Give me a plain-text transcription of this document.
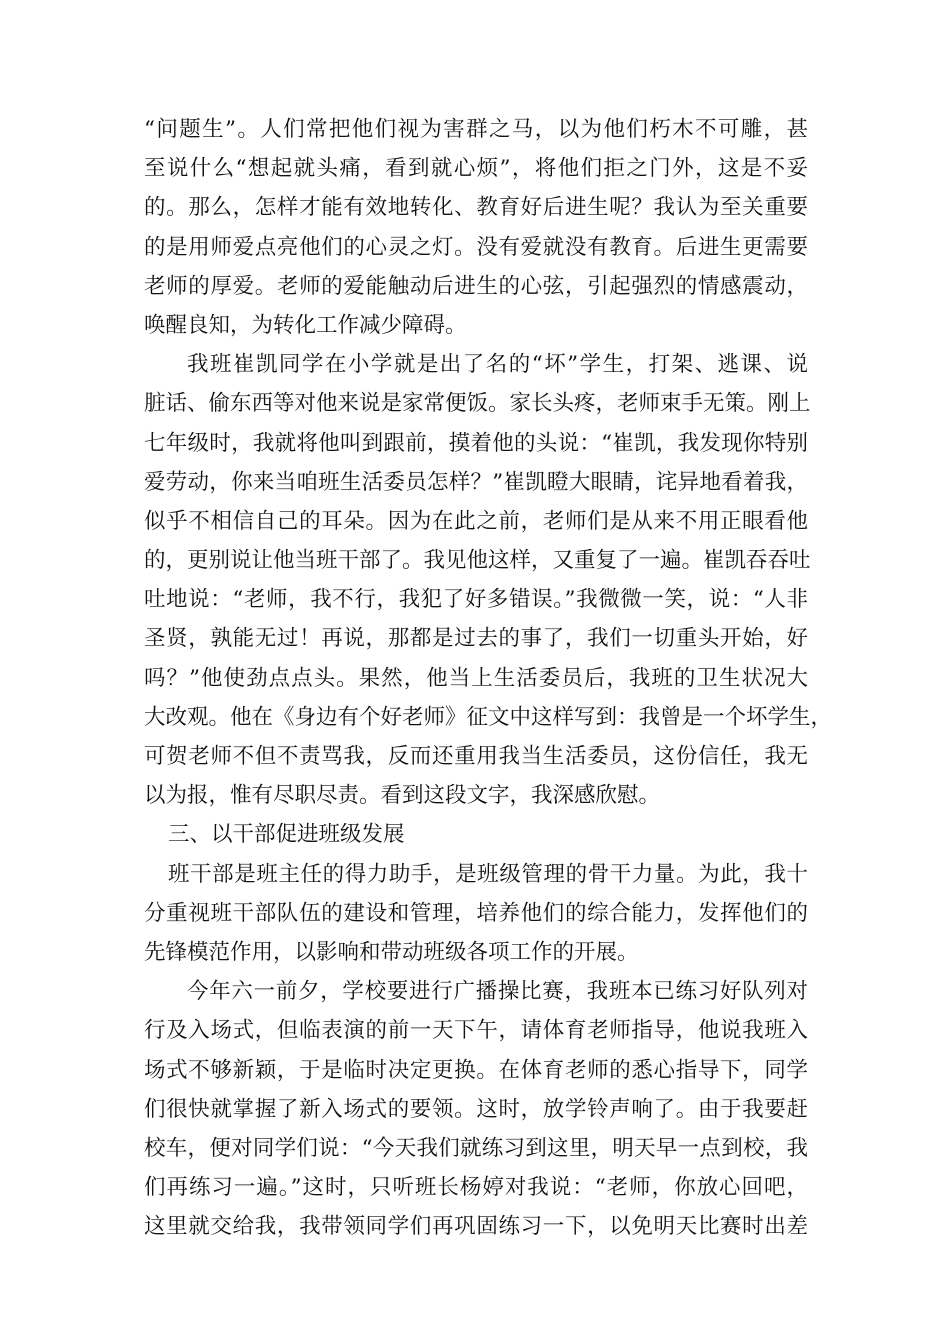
“问题生”。人们常把他们视为害群之马，以为他们朽木不可雕，甚
至说什么“想起就头痛，看到就心烦”，将他们拒之门外，这是不妥
的。那么，怎样才能有效地转化、教育好后进生呢？我认为至关重要
的是用师爱点亮他们的心灵之灯。没有爱就没有教育。后进生更需要
老师的厚爱。老师的爱能触动后进生的心弦，引起强烈的情感震动，
唤醒良知，为转化工作减少障碍。
我班崔凯同学在小学就是出了名的“坏”学生，打架、逃课、说
脏话、偷东西等对他来说是家常便饭。家长头疼，老师束手无策。刚上
七年级时，我就将他叫到跟前，摸着他的头说：“崔凯，我发现你特别
爱劳动，你来当咱班生活委员怎样？”崔凯瞪大眼睛，诧异地看着我，
似乎不相信自己的耳朵。因为在此之前，老师们是从来不用正眼看他
的，更别说让他当班干部了。我见他这样，又重复了一遍。崔凯吞吞吐
吐地说：“老师，我不行，我犯了好多错误。”我微微一笑，说：“人非
圣贤，孰能无过！再说，那都是过去的事了，我们一切重头开始，好
吗？”他使劲点点头。果然，他当上生活委员后，我班的卫生状况大
大改观。他在《身边有个好老师》征文中这样写到：我曾是一个坏学生，
可贺老师不但不责骂我，反而还重用我当生活委员，这份信任，我无
以为报，惟有尽职尽责。看到这段文字，我深感欣慰。
三、以干部促进班级发展
班干部是班主任的得力助手，是班级管理的骨干力量。为此，我十
分重视班干部队伍的建设和管理，培养他们的综合能力，发挥他们的
先锋模范作用，以影响和带动班级各项工作的开展。
今年六一前夕，学校要进行广播操比赛，我班本已练习好队列对
行及入场式，但临表演的前一天下午，请体育老师指导，他说我班入
场式不够新颖，于是临时决定更换。在体育老师的悉心指导下，同学
们很快就掌握了新入场式的要领。这时，放学铃声响了。由于我要赶
校车，便对同学们说：“今天我们就练习到这里，明天早一点到校，我
们再练习一遍。”这时，只听班长杨婷对我说：“老师，你放心回吧，
这里就交给我，我带领同学们再巩固练习一下，以免明天比赛时出差
